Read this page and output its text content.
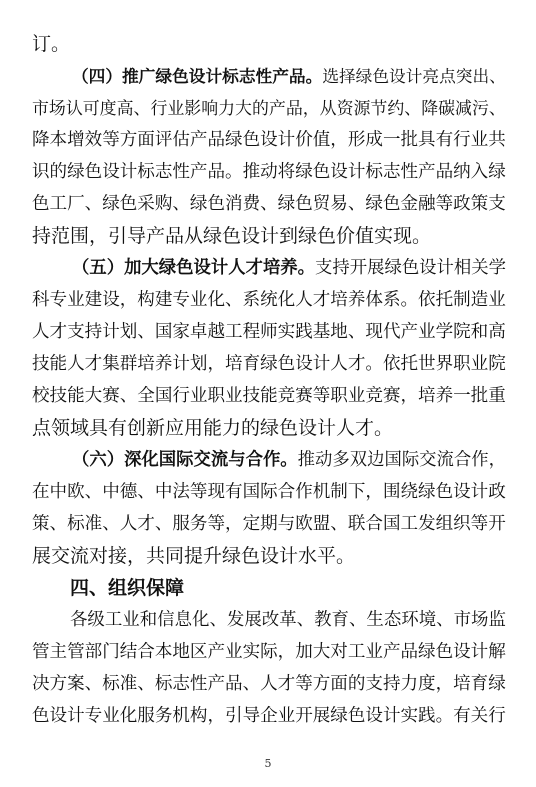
订。
（四）推广绿色设计标志性产品。选择绿色设计亮点突出、
市场认可度高、行业影响力大的产品，从资源节约、降碳减污、
降本增效等方面评估产品绿色设计价值，形成一批具有行业共
识的绿色设计标志性产品。推动将绿色设计标志性产品纳入绿
色工厂、绿色采购、绿色消费、绿色贸易、绿色金融等政策支
持范围，引导产品从绿色设计到绿色价值实现。
（五）加大绿色设计人才培养。支持开展绿色设计相关学
科专业建设，构建专业化、系统化人才培养体系。依托制造业
人才支持计划、国家卓越工程师实践基地、现代产业学院和高
技能人才集群培养计划，培育绿色设计人才。依托世界职业院
校技能大赛、全国行业职业技能竞赛等职业竞赛，培养一批重
点领域具有创新应用能力的绿色设计人才。
（六）深化国际交流与合作。推动多双边国际交流合作，
在中欧、中德、中法等现有国际合作机制下，围绕绿色设计政
策、标准、人才、服务等，定期与欧盟、联合国工发组织等开
展交流对接，共同提升绿色设计水平。
四、组织保障
各级工业和信息化、发展改革、教育、生态环境、市场监
管主管部门结合本地区产业实际，加大对工业产品绿色设计解
决方案、标准、标志性产品、人才等方面的支持力度，培育绿
色设计专业化服务机构，引导企业开展绿色设计实践。有关行
5
